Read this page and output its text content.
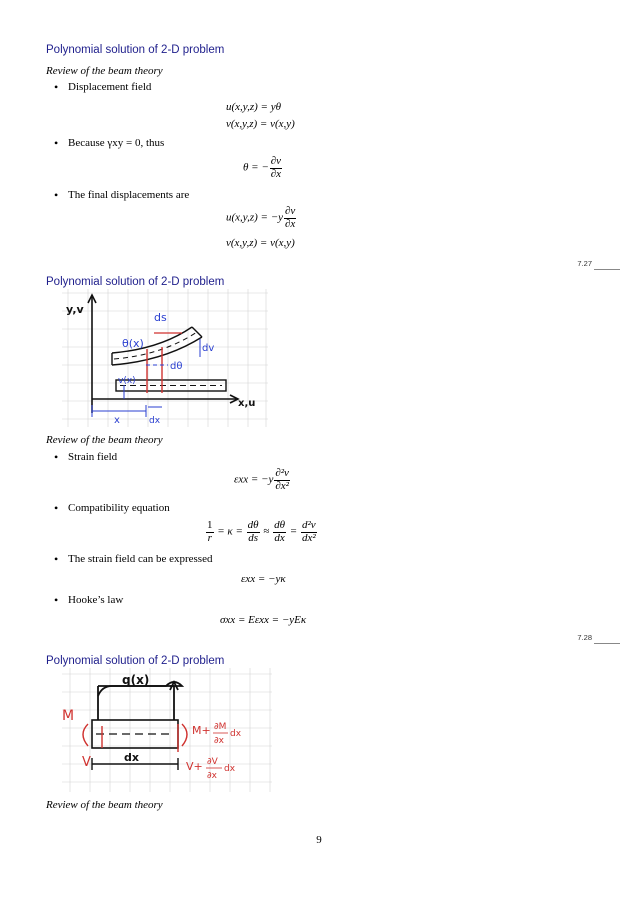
Polynomial solution of 2-D problem
Review of the beam theory
• Displacement field
u(x,y,z) = yθ
v(x,y,z) = v(x,y)
• Because γxy = 0, thus
θ = − $\frac{\partial v}{\partial x}$
• The final displacements are
$u(x,y,z) = -y \frac{\partial v}{\partial x}$
v(x,y,z) = v(x,y)
7.27
Polynomial solution of 2-D problem
y,v
x,u
ds
θ(x)	dv
dθ
v(x)
x	dx
Review of the beam theory
• Strain field
$\varepsilon xx = -y \frac{\text{∂²v}}{\text{∂x²}}$
• Compatibility equation
$\frac{1}{r} = \kappa = \frac{d\theta}{ds} \approx \frac{d\theta}{dx} = \frac{\text{d²v}}{\text{dx²}}$
• The strain field can be expressed
εxx = −yκ
• Hooke’s law
σxx = Eεxx = −yEκ
7.28
Polynomial solution of 2-D problem
q(x)
M
V
M+ ∂M
∂x
dx
V+ ∂V
∂x
dx
dx
Review of the beam theory
9
